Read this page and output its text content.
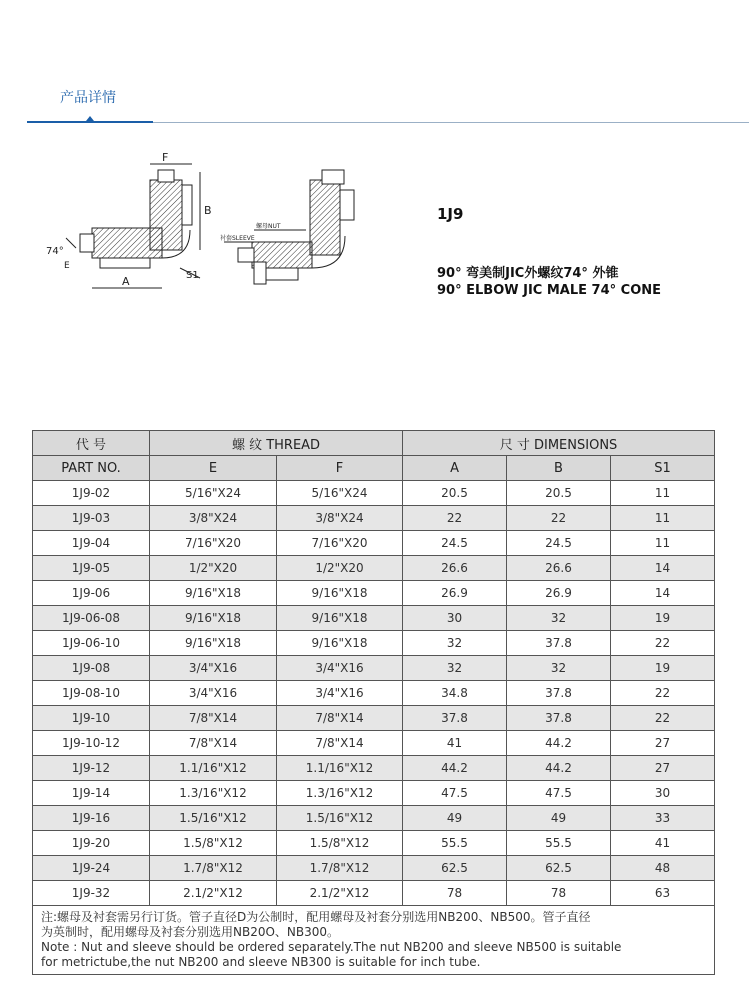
产品详情
F
B
A	S1
74°
E
螺母NUT
衬套SLEEVE
1J9
90° 弯美制JIC外螺纹74° 外锥
90° ELBOW JIC MALE 74° CONE
代 号	螺 纹 THREAD		尺 寸 DIMENSIONS		
PART NO.	E	F	A	B	S1
1J9-02	5/16"X24	5/16"X24	20.5	20.5	11
1J9-03	3/8"X24	3/8"X24	22	22	11
1J9-04	7/16"X20	7/16"X20	24.5	24.5	11
1J9-05	1/2"X20	1/2"X20	26.6	26.6	14
1J9-06	9/16"X18	9/16"X18	26.9	26.9	14
1J9-06-08	9/16"X18	9/16"X18	30	32	19
1J9-06-10	9/16"X18	9/16"X18	32	37.8	22
1J9-08	3/4"X16	3/4"X16	32	32	19
1J9-08-10	3/4"X16	3/4"X16	34.8	37.8	22
1J9-10	7/8"X14	7/8"X14	37.8	37.8	22
1J9-10-12	7/8"X14	7/8"X14	41	44.2	27
1J9-12	1.1/16"X12	1.1/16"X12	44.2	44.2	27
1J9-14	1.3/16"X12	1.3/16"X12	47.5	47.5	30
1J9-16	1.5/16"X12	1.5/16"X12	49	49	33
1J9-20	1.5/8"X12	1.5/8"X12	55.5	55.5	41
1J9-24	1.7/8"X12	1.7/8"X12	62.5	62.5	48
1J9-32	2.1/2"X12	2.1/2"X12	78	78	63

注:螺母及衬套需另行订货。管子直径D为公制时，配用螺母及衬套分别选用NB200、NB500。管子直径
为英制时，配用螺母及衬套分别选用NB20O、NB300。
Note : Nut and sleeve should be ordered separately.The nut NB200 and sleeve NB500 is suitable
for metrictube,the nut NB200 and sleeve NB300 is suitable for inch tube.					
